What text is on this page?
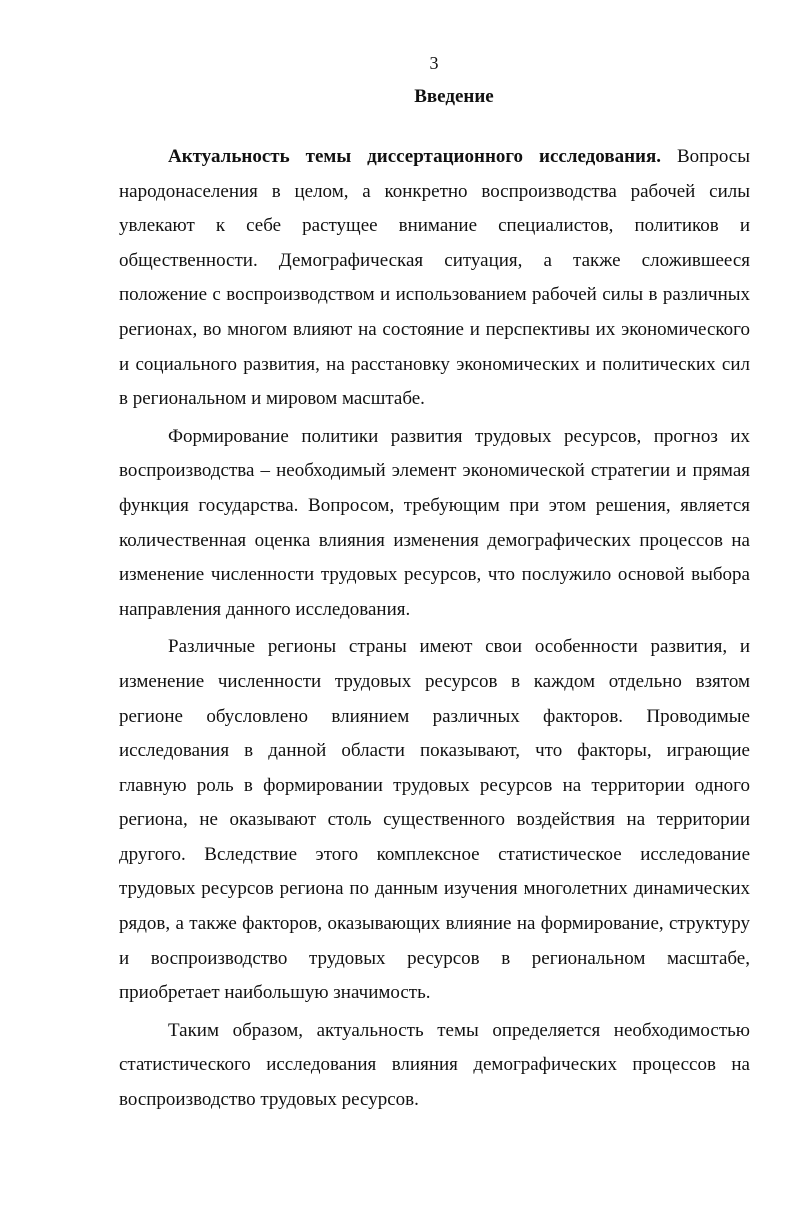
3
Введение

Актуальность темы диссертационного исследования. Вопросы народонаселения в целом, а конкретно воспроизводства рабочей силы увлекают к себе растущее внимание специалистов, политиков и общественности. Демографическая ситуация, а также сложившееся положение с воспроизводством и использованием рабочей силы в различных регионах, во многом влияют на состояние и перспективы их экономического и социального развития, на расстановку экономических и политических сил в региональном и мировом масштабе.

Формирование политики развития трудовых ресурсов, прогноз их воспроизводства – необходимый элемент экономической стратегии и прямая функция государства. Вопросом, требующим при этом решения, является количественная оценка влияния изменения демографических процессов на изменение численности трудовых ресурсов, что послужило основой выбора направления данного исследования.

Различные регионы страны имеют свои особенности развития, и изменение численности трудовых ресурсов в каждом отдельно взятом регионе обусловлено влиянием различных факторов. Проводимые исследования в данной области показывают, что факторы, играющие главную роль в формировании трудовых ресурсов на территории одного региона, не оказывают столь существенного воздействия на территории другого. Вследствие этого комплексное статистическое исследование трудовых ресурсов региона по данным изучения многолетних динамических рядов, а также факторов, оказывающих влияние на формирование, структуру и воспроизводство трудовых ресурсов в региональном масштабе, приобретает наибольшую значимость.

Таким образом, актуальность темы определяется необходимостью статистического исследования влияния демографических процессов на воспроизводство трудовых ресурсов.
